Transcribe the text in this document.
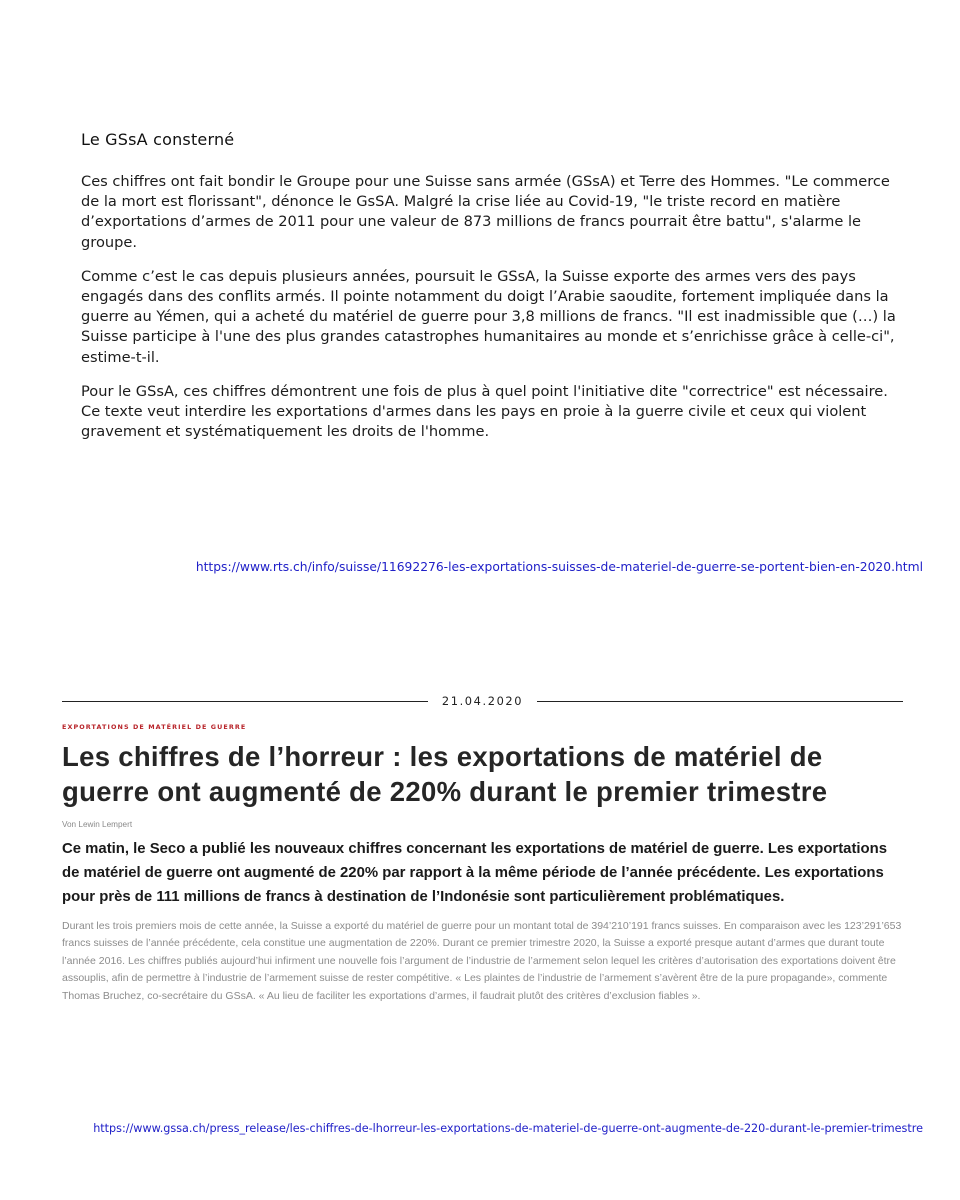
Le GSsA consterné

Ces chiffres ont fait bondir le Groupe pour une Suisse sans armée (GSsA) et Terre des Hommes. "Le commerce de la mort est florissant", dénonce le GsSA. Malgré la crise liée au Covid-19, "le triste record en matière d’exportations d’armes de 2011 pour une valeur de 873 millions de francs pourrait être battu", s'alarme le groupe.

Comme c’est le cas depuis plusieurs années, poursuit le GSsA, la Suisse exporte des armes vers des pays engagés dans des conflits armés. Il pointe notamment du doigt l’Arabie saoudite, fortement impliquée dans la guerre au Yémen, qui a acheté du matériel de guerre pour 3,8 millions de francs. "Il est inadmissible que (…) la Suisse participe à l'une des plus grandes catastrophes humanitaires au monde et s’enrichisse grâce à celle-ci", estime-t-il.

Pour le GSsA, ces chiffres démontrent une fois de plus à quel point l'initiative dite "correctrice" est nécessaire. Ce texte veut interdire les exportations d'armes dans les pays en proie à la guerre civile et ceux qui violent gravement et systématiquement les droits de l'homme.

https://www.rts.ch/info/suisse/11692276-les-exportations-suisses-de-materiel-de-guerre-se-portent-bien-en-2020.html
21.04.2020
EXPORTATIONS DE MATÉRIEL DE GUERRE
Les chiffres de l’horreur : les exportations de matériel de guerre ont augmenté de 220% durant le premier trimestre
Von Lewin Lempert

Ce matin, le Seco a publié les nouveaux chiffres concernant les exportations de matériel de guerre. Les exportations de matériel de guerre ont augmenté de 220% par rapport à la même période de l’année précédente. Les exportations pour près de 111 millions de francs à destination de l’Indonésie sont particulièrement problématiques.

Durant les trois premiers mois de cette année, la Suisse a exporté du matériel de guerre pour un montant total de 394’210’191 francs suisses. En comparaison avec les 123’291’653 francs suisses de l’année précédente, cela constitue une augmentation de 220%. Durant ce premier trimestre 2020, la Suisse a exporté presque autant d’armes que durant toute l’année 2016. Les chiffres publiés aujourd’hui infirment une nouvelle fois l’argument de l’industrie de l’armement selon lequel les critères d’autorisation des exportations doivent être assouplis, afin de permettre à l’industrie de l’armement suisse de rester compétitive. « Les plaintes de l’industrie de l’armement s’avèrent être de la pure propagande», commente Thomas Bruchez, co-secrétaire du GSsA. « Au lieu de faciliter les exportations d’armes, il faudrait plutôt des critères d’exclusion fiables ».

https://www.gssa.ch/press_release/les-chiffres-de-lhorreur-les-exportations-de-materiel-de-guerre-ont-augmente-de-220-durant-le-premier-trimestre
